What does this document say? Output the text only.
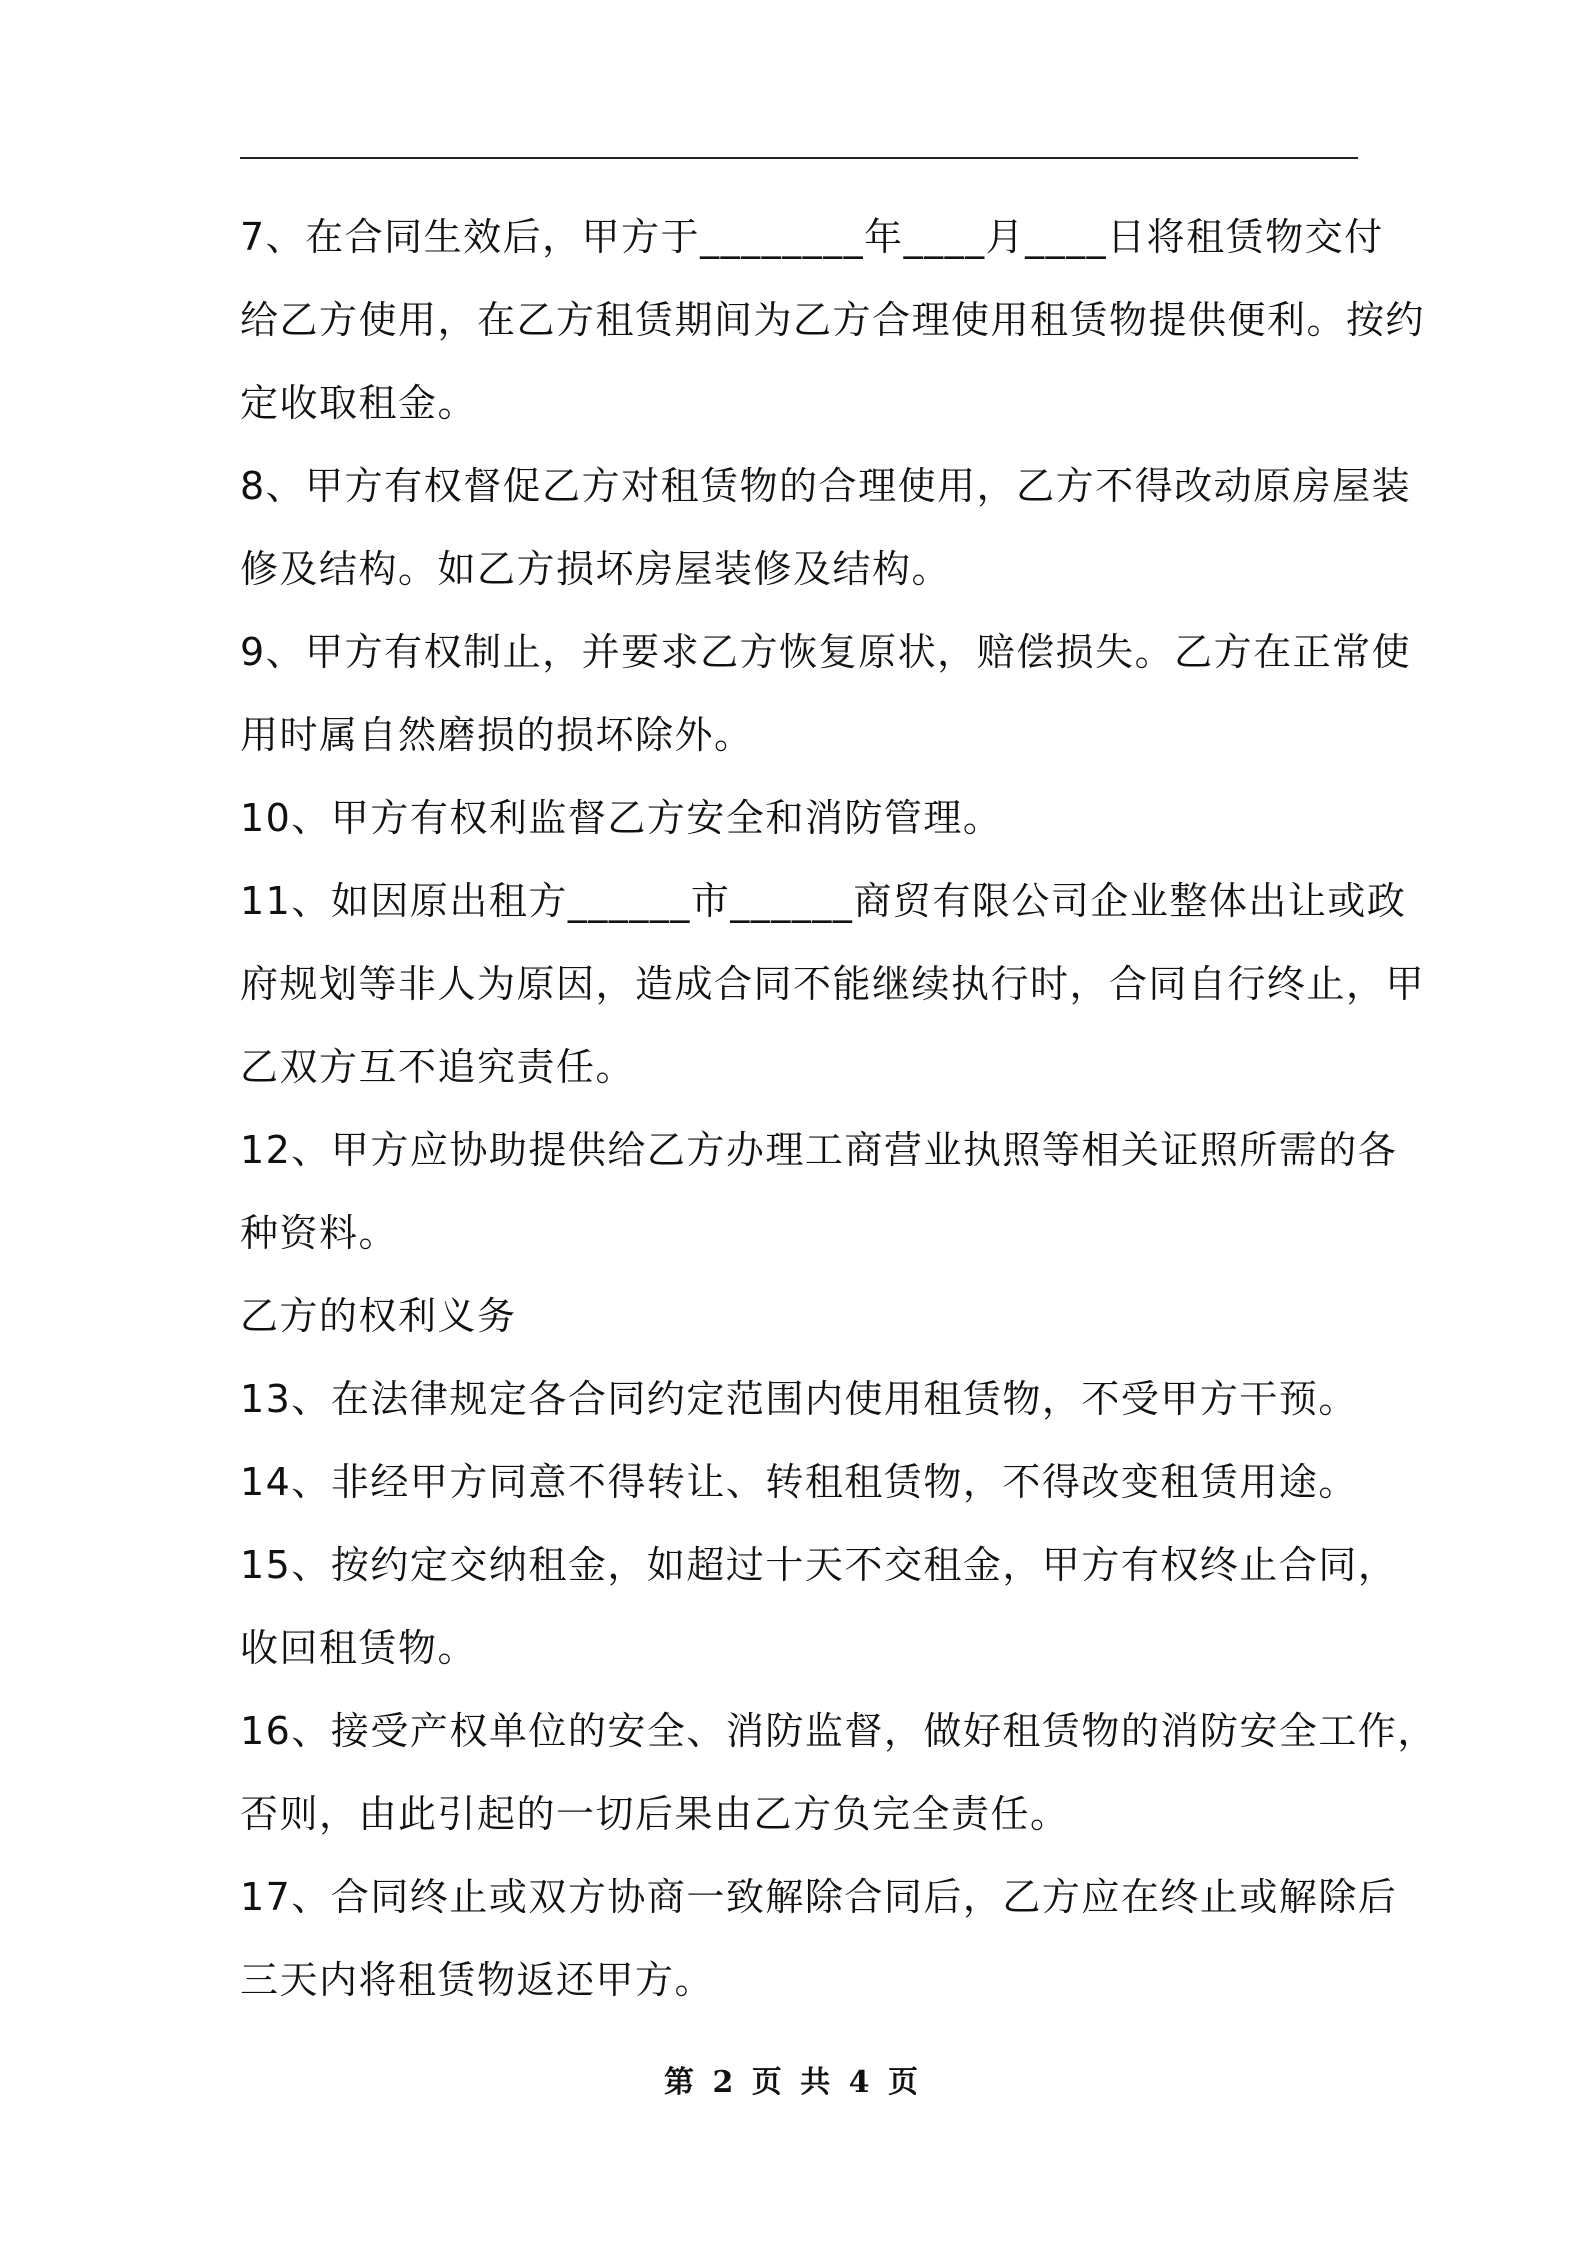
7、在合同生效后，甲方于________年____月____日将租赁物交付
给乙方使用，在乙方租赁期间为乙方合理使用租赁物提供便利。按约
定收取租金。

8、甲方有权督促乙方对租赁物的合理使用，乙方不得改动原房屋装
修及结构。如乙方损坏房屋装修及结构。

9、甲方有权制止，并要求乙方恢复原状，赔偿损失。乙方在正常使
用时属自然磨损的损坏除外。

10、甲方有权利监督乙方安全和消防管理。

11、如因原出租方______市______商贸有限公司企业整体出让或政
府规划等非人为原因，造成合同不能继续执行时，合同自行终止，甲
乙双方互不追究责任。

12、甲方应协助提供给乙方办理工商营业执照等相关证照所需的各
种资料。

乙方的权利义务

13、在法律规定各合同约定范围内使用租赁物，不受甲方干预。

14、非经甲方同意不得转让、转租租赁物，不得改变租赁用途。

15、按约定交纳租金，如超过十天不交租金，甲方有权终止合同，
收回租赁物。

16、接受产权单位的安全、消防监督，做好租赁物的消防安全工作，
否则，由此引起的一切后果由乙方负完全责任。

17、合同终止或双方协商一致解除合同后，乙方应在终止或解除后
三天内将租赁物返还甲方。

第 2 页 共 4 页
